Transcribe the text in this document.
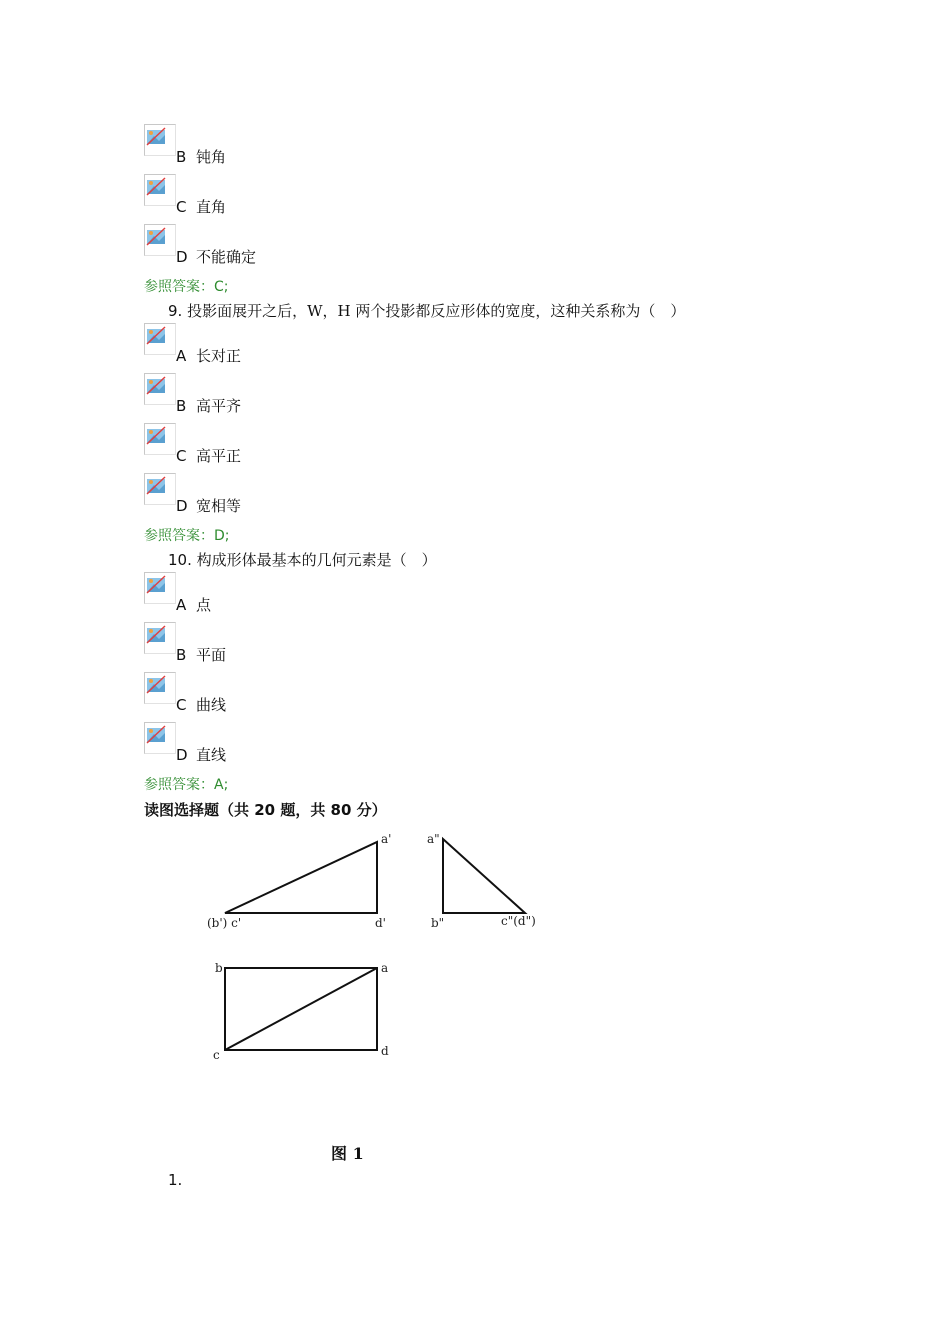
B 钝角
C 直角
D 不能确定
参照答案：C;
9. 投影面展开之后，W，H 两个投影都反应形体的宽度，这种关系称为（　）
A 长对正
B 高平齐
C 高平正
D 宽相等
参照答案：D;
10. 构成形体最基本的几何元素是（　）
A 点
B 平面
C 曲线
D 直线
参照答案：A;
读图选择题（共 20 题，共 80 分）
a'
(b') c'	d'
a"
b"	c"(d")
b	a
c	d
图 1
1.
